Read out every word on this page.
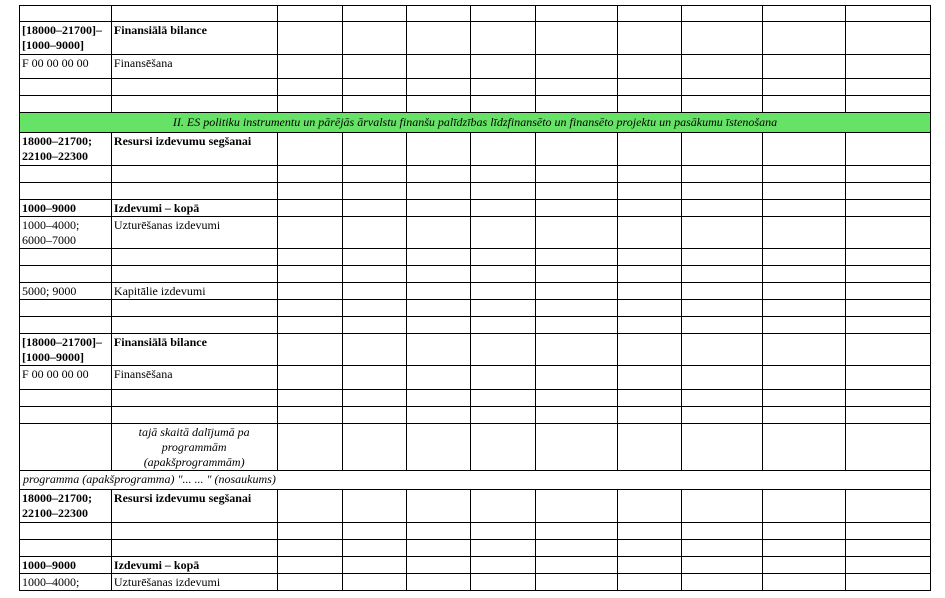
[18000–21700]–[1000–9000]	Finansiālā bilance									
F 00 00 00 00	Finansēšana									

II. ES politiku instrumentu un pārējās ārvalstu finanšu palīdzības līdzfinansēto un finansēto projektu un pasākumu īstenošana										
18000–21700; 22100–22300	Resursi izdevumu segšanai									

1000–9000	Izdevumi – kopā									
1000–4000; 6000–7000	Uzturēšanas izdevumi									

5000; 9000	Kapitālie izdevumi									

[18000–21700]–[1000–9000]	Finansiālā bilance									
F 00 00 00 00	Finansēšana									

	tajā skaitā dalījumā pa programmām (apakšprogrammām)									
programma (apakšprogramma) "... ... " (nosaukums)										
18000–21700; 22100–22300	Resursi izdevumu segšanai									

1000–9000	Izdevumi – kopā									
1000–4000;	Uzturēšanas izdevumi									
